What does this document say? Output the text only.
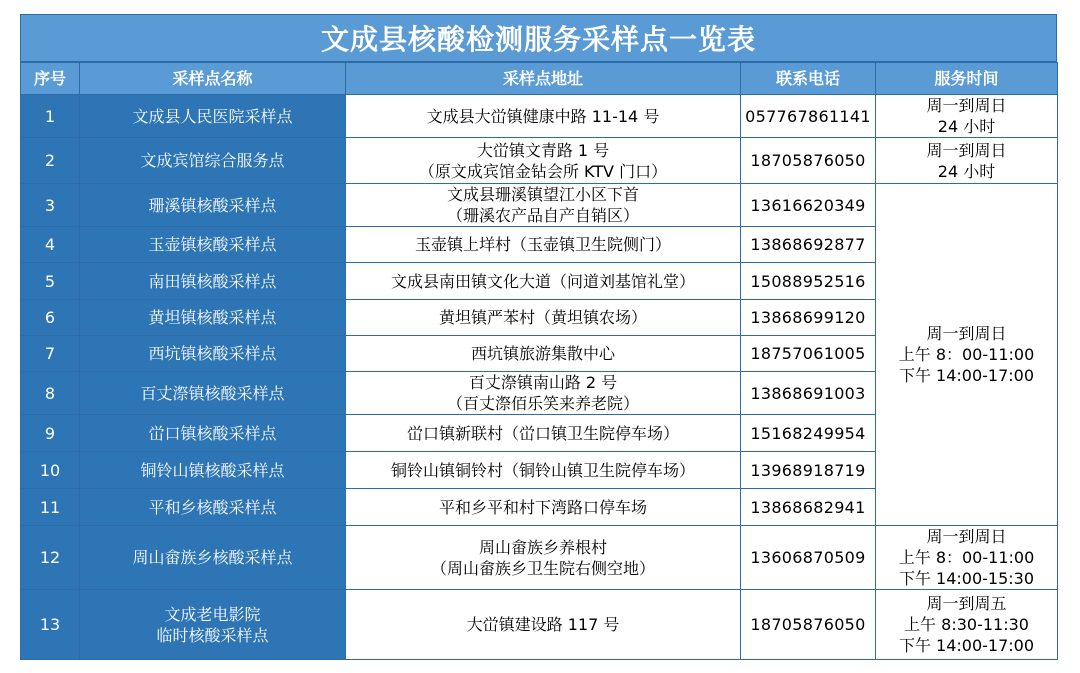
文成县核酸检测服务采样点一览表
序号	采样点名称	采样点地址	联系电话	服务时间
1	文成县人民医院采样点	文成县大峃镇健康中路 11-14 号	057767861141	周一到周日
24 小时

2	文成宾馆综合服务点	大峃镇文青路 1 号
（原文成宾馆金钻会所 KTV 门口）	18705876050	周一到周日
24 小时

3	珊溪镇核酸采样点	文成县珊溪镇望江小区下首
（珊溪农产品自产自销区）	13616620349	周一到周日
上午 8：00-11:00
下午 14:00-17:00

4	玉壶镇核酸采样点	玉壶镇上垟村（玉壶镇卫生院侧门）	13868692877	
5	南田镇核酸采样点	文成县南田镇文化大道（问道刘基馆礼堂）	15088952516	
6	黄坦镇核酸采样点	黄坦镇严苯村（黄坦镇农场）	13868699120	
7	西坑镇核酸采样点	西坑镇旅游集散中心	18757061005	
8	百丈漈镇核酸采样点	百丈漈镇南山路 2 号
（百丈漈佰乐笑来养老院）	13868691003	
9	峃口镇核酸采样点	峃口镇新联村（峃口镇卫生院停车场）	15168249954	
10	铜铃山镇核酸采样点	铜铃山镇铜铃村（铜铃山镇卫生院停车场）	13968918719	
11	平和乡核酸采样点	平和乡平和村下湾路口停车场	13868682941	
12	周山畲族乡核酸采样点	周山畲族乡养根村
（周山畲族乡卫生院右侧空地）	13606870509	周一到周日
上午 8：00-11:00
下午 14:00-15:30

13	文成老电影院
临时核酸采样点	大峃镇建设路 117 号	18705876050	周一到周五
上午 8:30-11:30
下午 14:00-17:00
